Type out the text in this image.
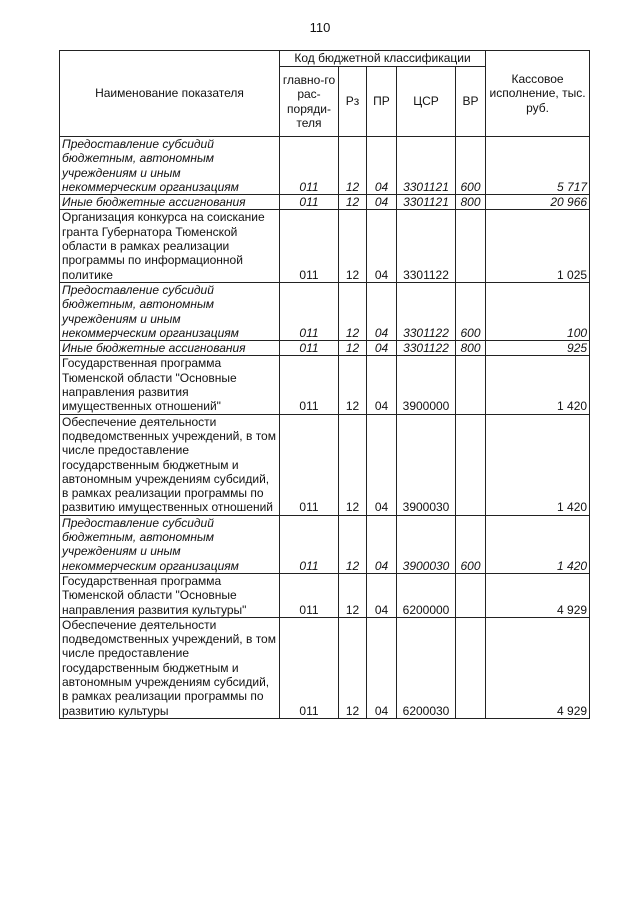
110
Наименование показателя	Код бюджетной классификации					Кассовое исполнение, тыс. руб.
	главно-го рас-поряди-теля	Рз	ПР	ЦСР	ВР	
Предоставление субсидий бюджетным, автономным учреждениям и иным некоммерческим организациям	011	12	04	3301121	600	5 717
Иные бюджетные ассигнования	011	12	04	3301121	800	20 966
Организация конкурса на соискание гранта Губернатора Тюменской области в рамках реализации программы по информационной политике	011	12	04	3301122		1 025
Предоставление субсидий бюджетным, автономным учреждениям и иным некоммерческим организациям	011	12	04	3301122	600	100
Иные бюджетные ассигнования	011	12	04	3301122	800	925
Государственная программа Тюменской области "Основные направления развития имущественных отношений"	011	12	04	3900000		1 420
Обеспечение деятельности подведомственных учреждений, в том числе предоставление государственным бюджетным и автономным учреждениям субсидий, в рамках реализации программы по развитию имущественных отношений	011	12	04	3900030		1 420
Предоставление субсидий бюджетным, автономным учреждениям и иным некоммерческим организациям	011	12	04	3900030	600	1 420
Государственная программа Тюменской области "Основные направления развития культуры"	011	12	04	6200000		4 929
Обеспечение деятельности подведомственных учреждений, в том числе предоставление государственным бюджетным и автономным учреждениям субсидий, в рамках реализации программы по развитию культуры	011	12	04	6200030		4 929
